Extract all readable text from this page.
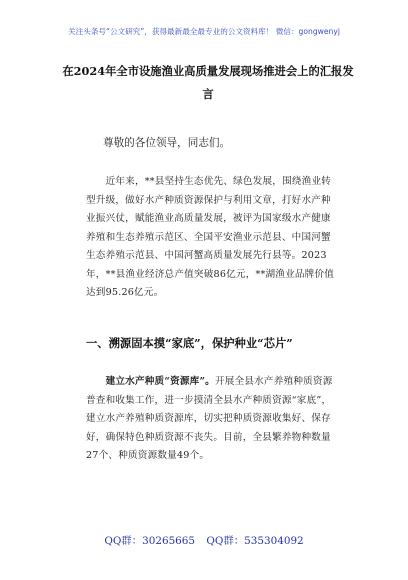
关注头条号“公文研究”，获得最新最全最专业的公文资料库！ 微信：gongwenyj
在2024年全市设施渔业高质量发展现场推进会上的汇报发言
尊敬的各位领导，同志们。
  近年来，**县坚持生态优先、绿色发展，围绕渔业转型升级，做好水产种质资源保护与利用文章，打好水产种业振兴仗，赋能渔业高质量发展，被评为国家级水产健康养殖和生态养殖示范区、全国平安渔业示范县、中国河蟹生态养殖示范县、中国河蟹高质量发展先行县等。2023年，**县渔业经济总产值突破86亿元，**湖渔业品牌价值达到95.26亿元。
一、溯源固本摸“家底”，保护种业“芯片”
  建立水产种质“资源库”。开展全县水产养殖种质资源普查和收集工作，进一步摸清全县水产种质资源“家底”，建立水产养殖种质资源库，切实把种质资源收集好、保存好，确保特色种质资源不丧失。目前，全县繁养物种数量27个、种质资源数量49个。
QQ群：30265665 QQ群：535304092
